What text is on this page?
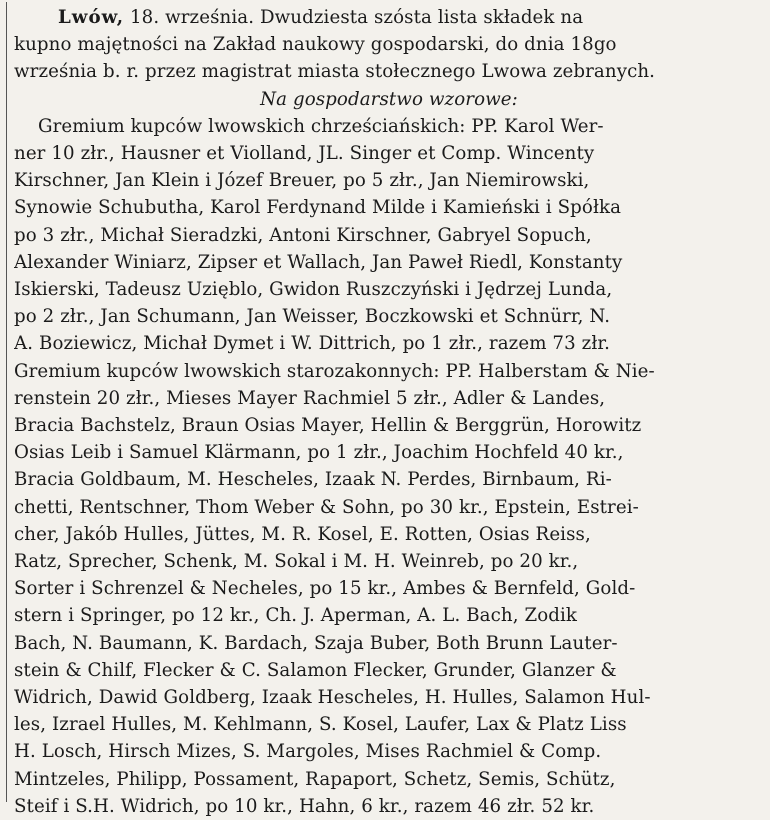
Lwów, 18. września. Dwudziesta szósta lista składek na
kupno majętności na Zakład naukowy gospodarski, do dnia 18go
września b. r. przez magistrat miasta stołecznego Lwowa zebranych.
Na gospodarstwo wzorowe:
Gremium kupców lwowskich chrześciańskich: PP. Karol Wer-
ner 10 złr., Hausner et Violland, JL. Singer et Comp. Wincenty
Kirschner, Jan Klein i Józef Breuer, po 5 złr., Jan Niemirowski,
Synowie Schubutha, Karol Ferdynand Milde i Kamieński i Spółka
po 3 złr., Michał Sieradzki, Antoni Kirschner, Gabryel Sopuch,
Alexander Winiarz, Zipser et Wallach, Jan Paweł Riedl, Konstanty
Iskierski, Tadeusz Uzięblo, Gwidon Ruszczyński i Jędrzej Lunda,
po 2 złr., Jan Schumann, Jan Weisser, Boczkowski et Schnürr, N.
A. Boziewicz, Michał Dymet i W. Dittrich, po 1 złr., razem 73 złr.
Gremium kupców lwowskich starozakonnych: PP. Halberstam & Nie-
renstein 20 złr., Mieses Mayer Rachmiel 5 złr., Adler & Landes,
Bracia Bachstelz, Braun Osias Mayer, Hellin & Berggrün, Horowitz
Osias Leib i Samuel Klärmann, po 1 złr., Joachim Hochfeld 40 kr.,
Bracia Goldbaum, M. Hescheles, Izaak N. Perdes, Birnbaum, Ri-
chetti, Rentschner, Thom Weber & Sohn, po 30 kr., Epstein, Estrei-
cher, Jakób Hulles, Jüttes, M. R. Kosel, E. Rotten, Osias Reiss,
Ratz, Sprecher, Schenk, M. Sokal i M. H. Weinreb, po 20 kr.,
Sorter i Schrenzel & Necheles, po 15 kr., Ambes & Bernfeld, Gold-
stern i Springer, po 12 kr., Ch. J. Aperman, A. L. Bach, Zodik
Bach, N. Baumann, K. Bardach, Szaja Buber, Both Brunn Lauter-
stein & Chilf, Flecker & C. Salamon Flecker, Grunder, Glanzer &
Widrich, Dawid Goldberg, Izaak Hescheles, H. Hulles, Salamon Hul-
les, Izrael Hulles, M. Kehlmann, S. Kosel, Laufer, Lax & Platz Liss
H. Losch, Hirsch Mizes, S. Margoles, Mises Rachmiel & Comp.
Mintzeles, Philipp, Possament, Rapaport, Schetz, Semis, Schütz,
Steif i S.H. Widrich, po 10 kr., Hahn, 6 kr., razem 46 złr. 52 kr.
